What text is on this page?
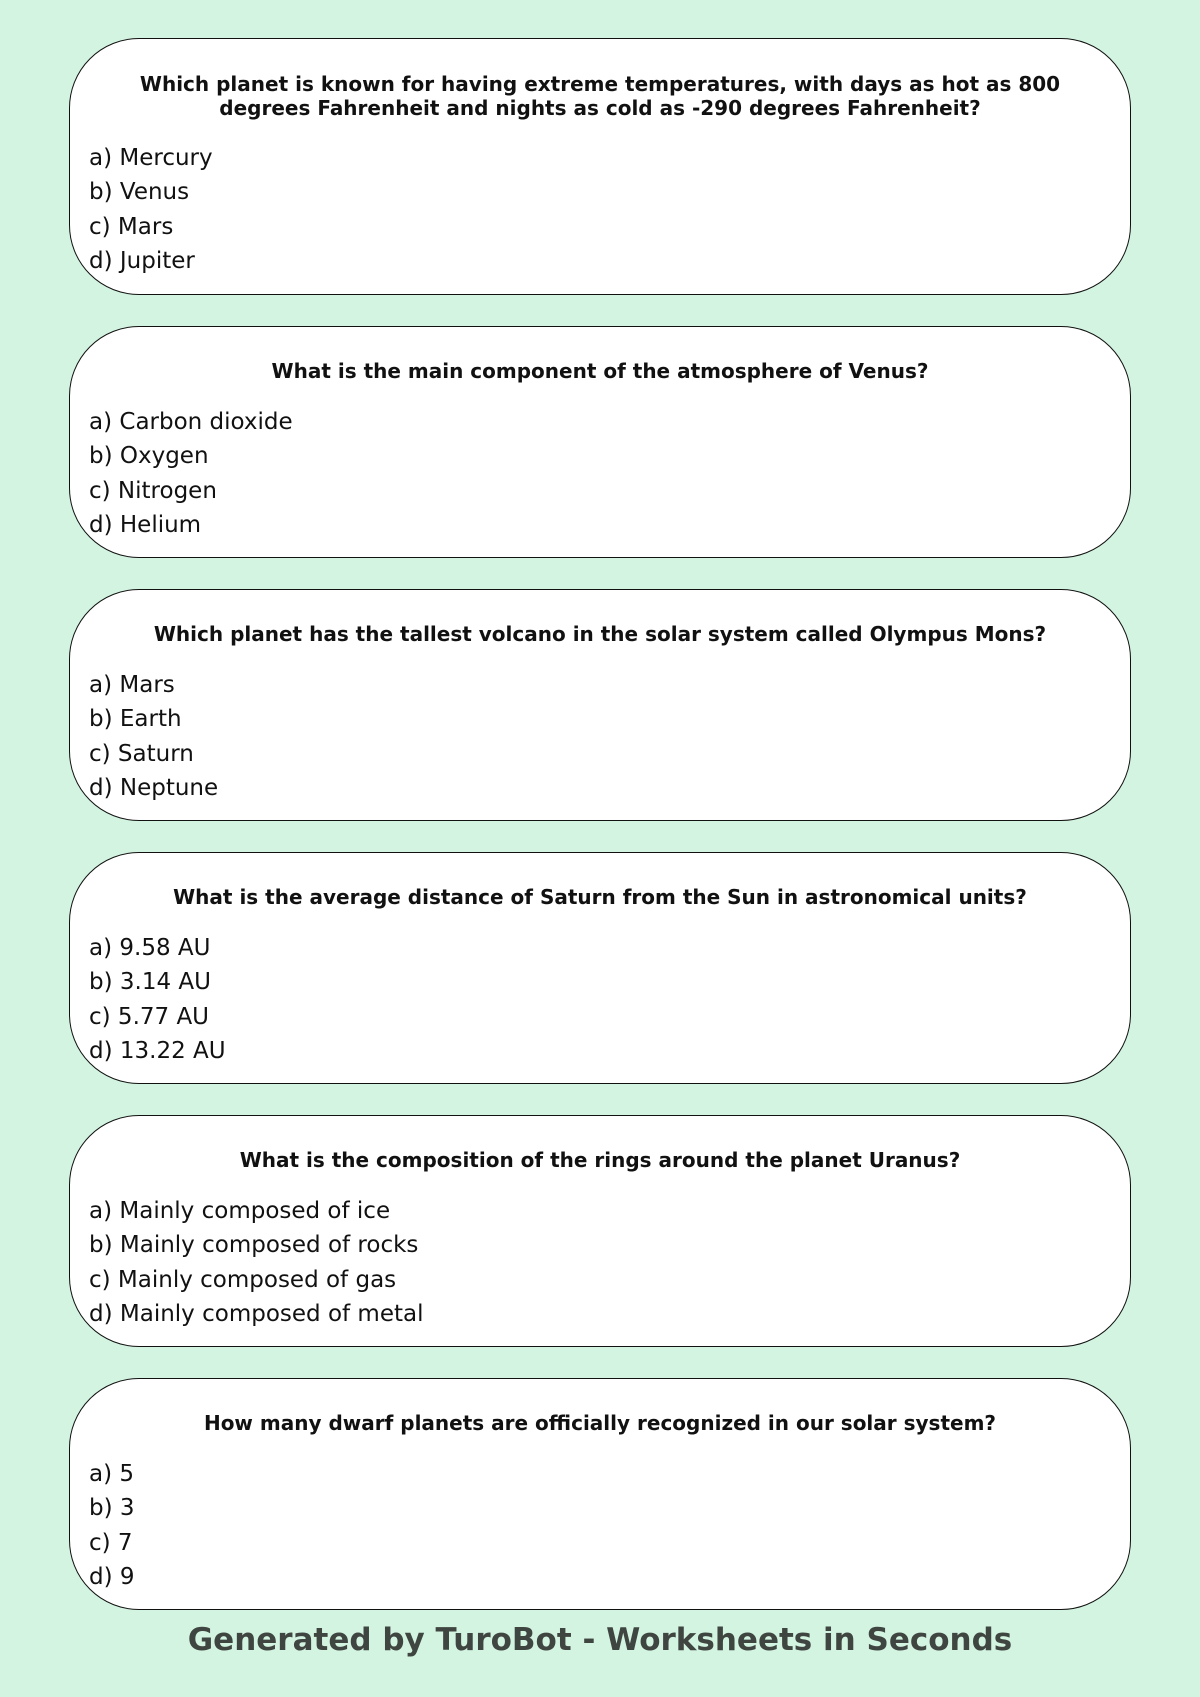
Which planet is known for having extreme temperatures, with days as hot as 800 degrees Fahrenheit and nights as cold as -290 degrees Fahrenheit?
a) Mercury
b) Venus
c) Mars
d) Jupiter
What is the main component of the atmosphere of Venus?
a) Carbon dioxide
b) Oxygen
c) Nitrogen
d) Helium
Which planet has the tallest volcano in the solar system called Olympus Mons?
a) Mars
b) Earth
c) Saturn
d) Neptune
What is the average distance of Saturn from the Sun in astronomical units?
a) 9.58 AU
b) 3.14 AU
c) 5.77 AU
d) 13.22 AU
What is the composition of the rings around the planet Uranus?
a) Mainly composed of ice
b) Mainly composed of rocks
c) Mainly composed of gas
d) Mainly composed of metal
How many dwarf planets are officially recognized in our solar system?
a) 5
b) 3
c) 7
d) 9
Generated by TuroBot - Worksheets in Seconds
